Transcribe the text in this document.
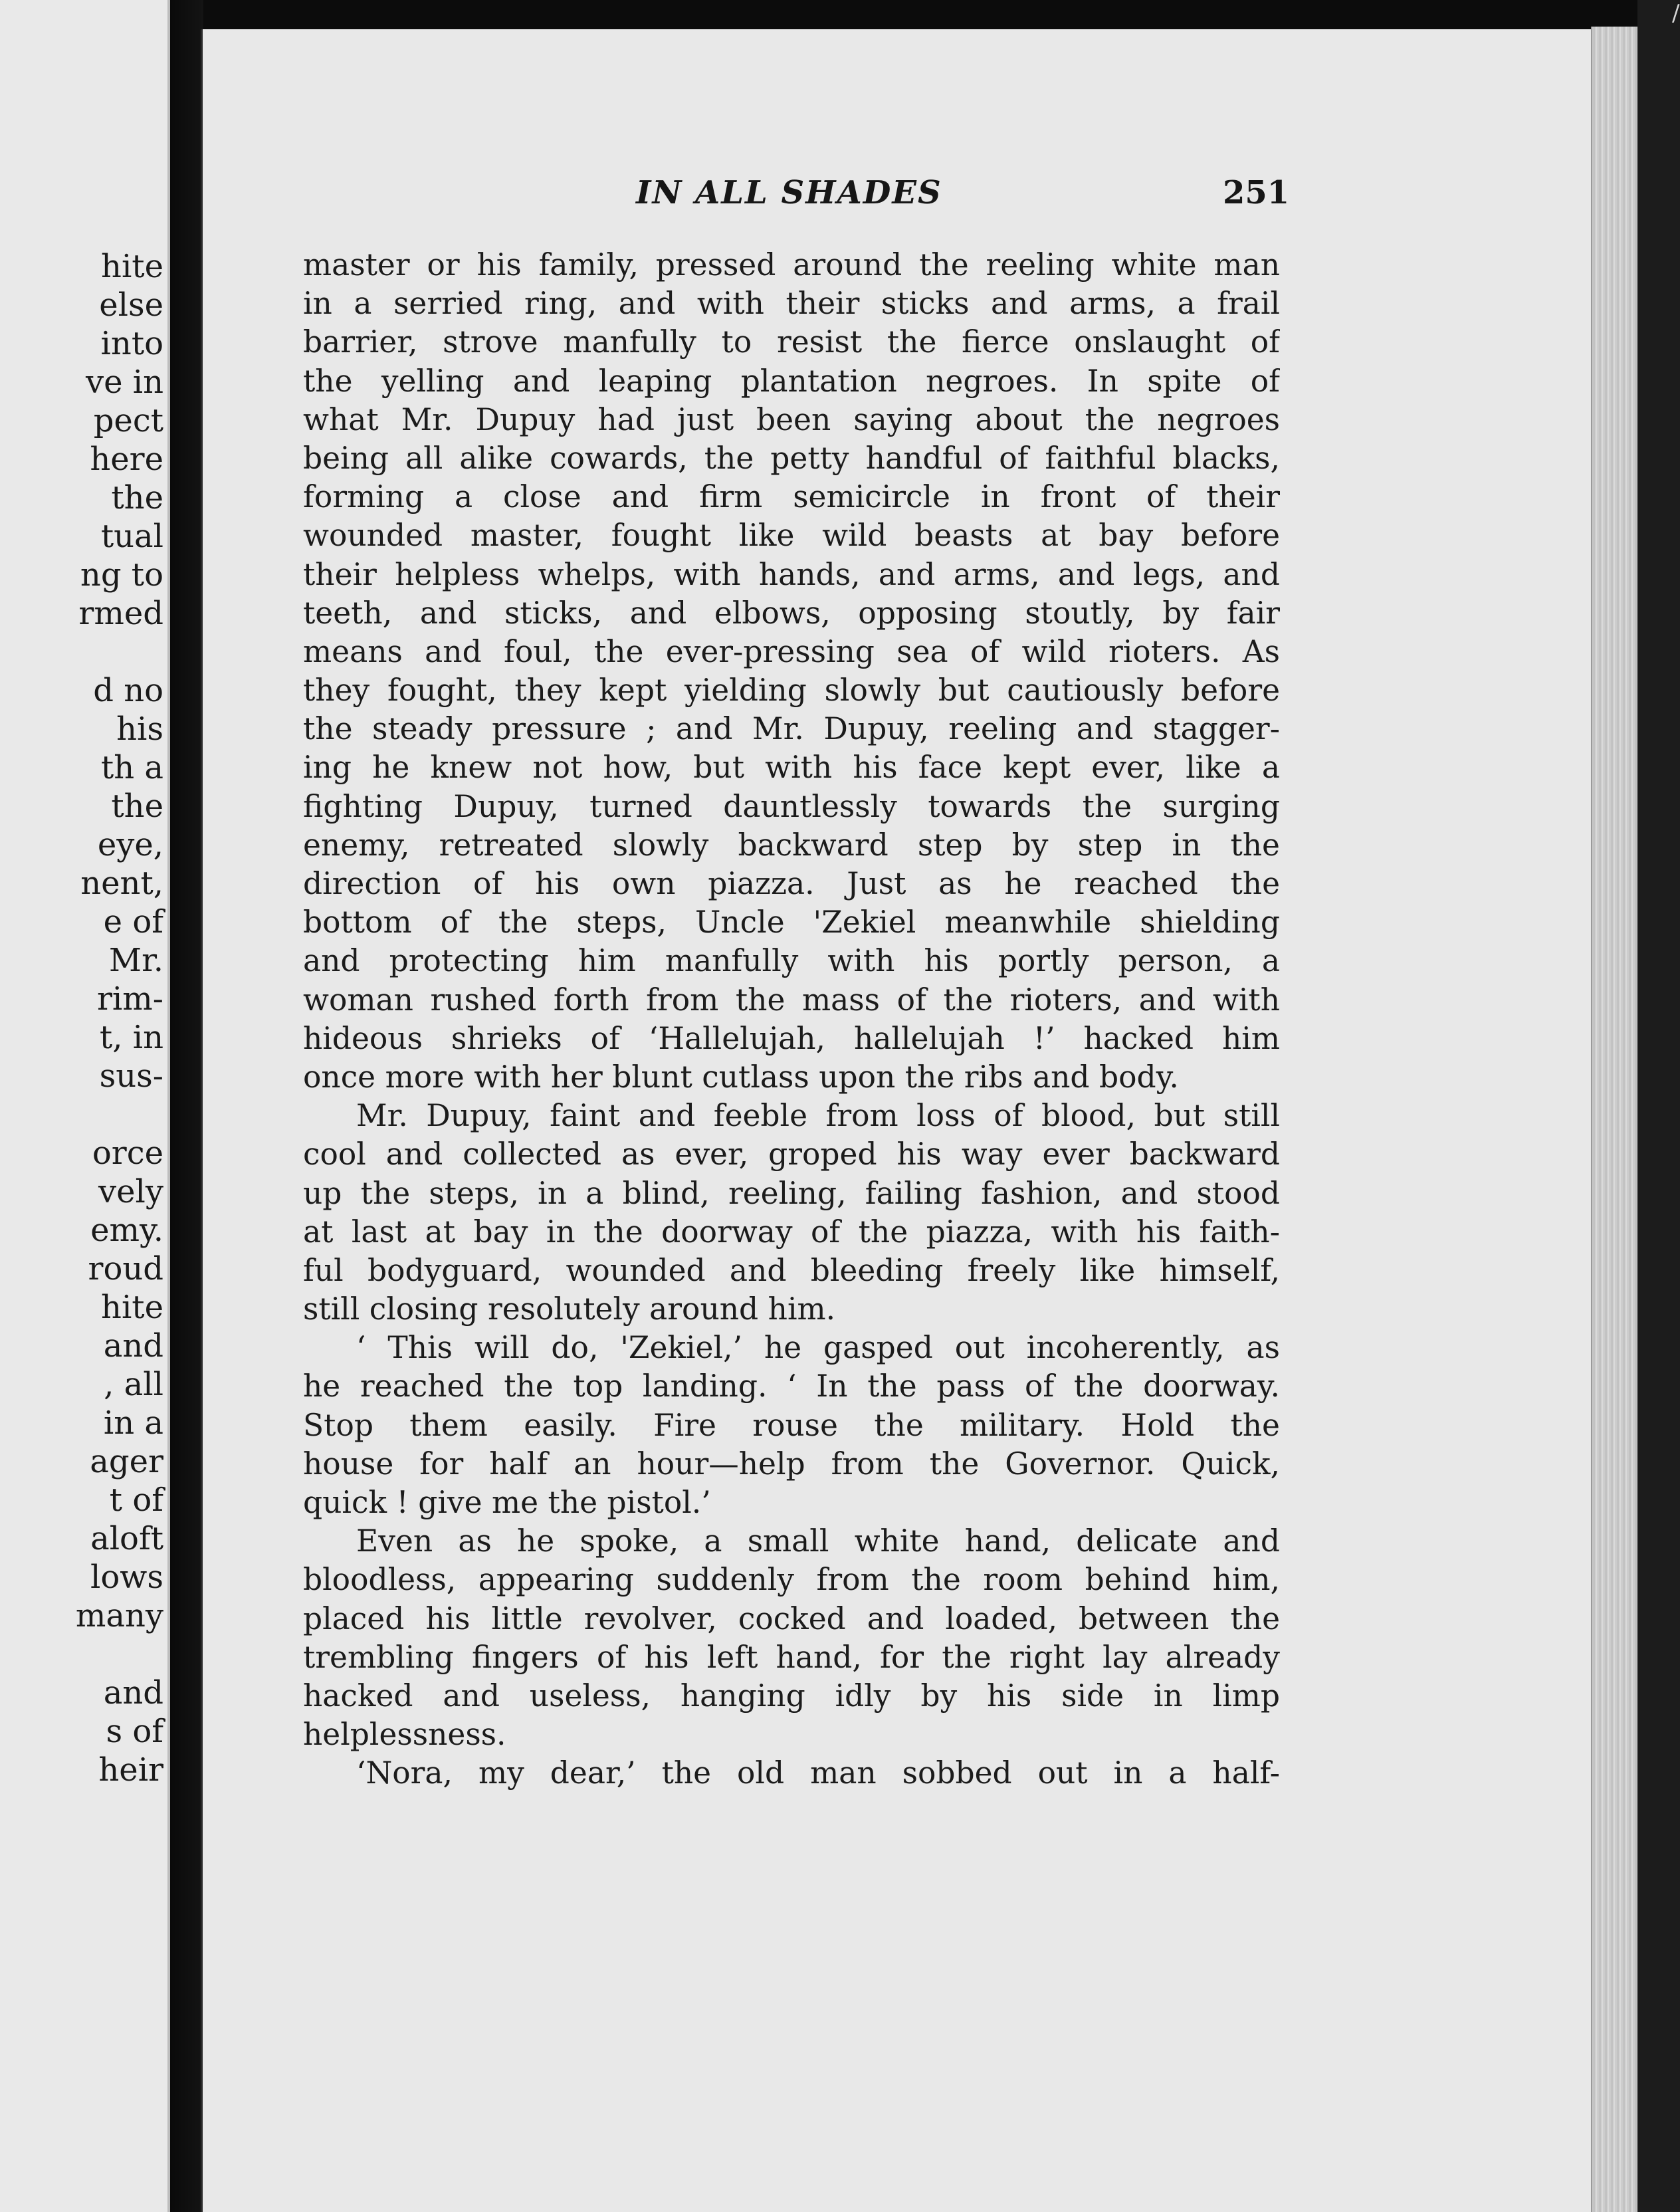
hite
else
into
ve in
pect
here
the
tual
ng to
rmed
d no
his
th a
the
eye,
nent,
e of
Mr.
rim-
t, in
sus-
orce
vely
emy.
roud
hite
and
, all
in a
ager
t of
aloft
lows
many
and
s of
heir
/
IN ALL SHADES	251
master or his family, pressed around the reeling white man
in a serried ring, and with their sticks and arms, a frail
barrier, strove manfully to resist the fierce onslaught of
the yelling and leaping plantation negroes. In spite of
what Mr. Dupuy had just been saying about the negroes
being all alike cowards, the petty handful of faithful blacks,
forming a close and firm semicircle in front of their
wounded master, fought like wild beasts at bay before
their helpless whelps, with hands, and arms, and legs, and
teeth, and sticks, and elbows, opposing stoutly, by fair
means and foul, the ever-pressing sea of wild rioters. As
they fought, they kept yielding slowly but cautiously before
the steady pressure ; and Mr. Dupuy, reeling and stagger-
ing he knew not how, but with his face kept ever, like a
fighting Dupuy, turned dauntlessly towards the surging
enemy, retreated slowly backward step by step in the
direction of his own piazza. Just as he reached the
bottom of the steps, Uncle 'Zekiel meanwhile shielding
and protecting him manfully with his portly person, a
woman rushed forth from the mass of the rioters, and with
hideous shrieks of ‘Hallelujah, hallelujah !’ hacked him
once more with her blunt cutlass upon the ribs and body.
Mr. Dupuy, faint and feeble from loss of blood, but still
cool and collected as ever, groped his way ever backward
up the steps, in a blind, reeling, failing fashion, and stood
at last at bay in the doorway of the piazza, with his faith-
ful bodyguard, wounded and bleeding freely like himself,
still closing resolutely around him.
‘ This will do, 'Zekiel,’ he gasped out incoherently, as
he reached the top landing. ‘ In the pass of the doorway.
Stop them easily. Fire rouse the military. Hold the
house for half an hour—help from the Governor. Quick,
quick ! give me the pistol.’
Even as he spoke, a small white hand, delicate and
bloodless, appearing suddenly from the room behind him,
placed his little revolver, cocked and loaded, between the
trembling fingers of his left hand, for the right lay already
hacked and useless, hanging idly by his side in limp
helplessness.
‘Nora, my dear,’ the old man sobbed out in a half-
